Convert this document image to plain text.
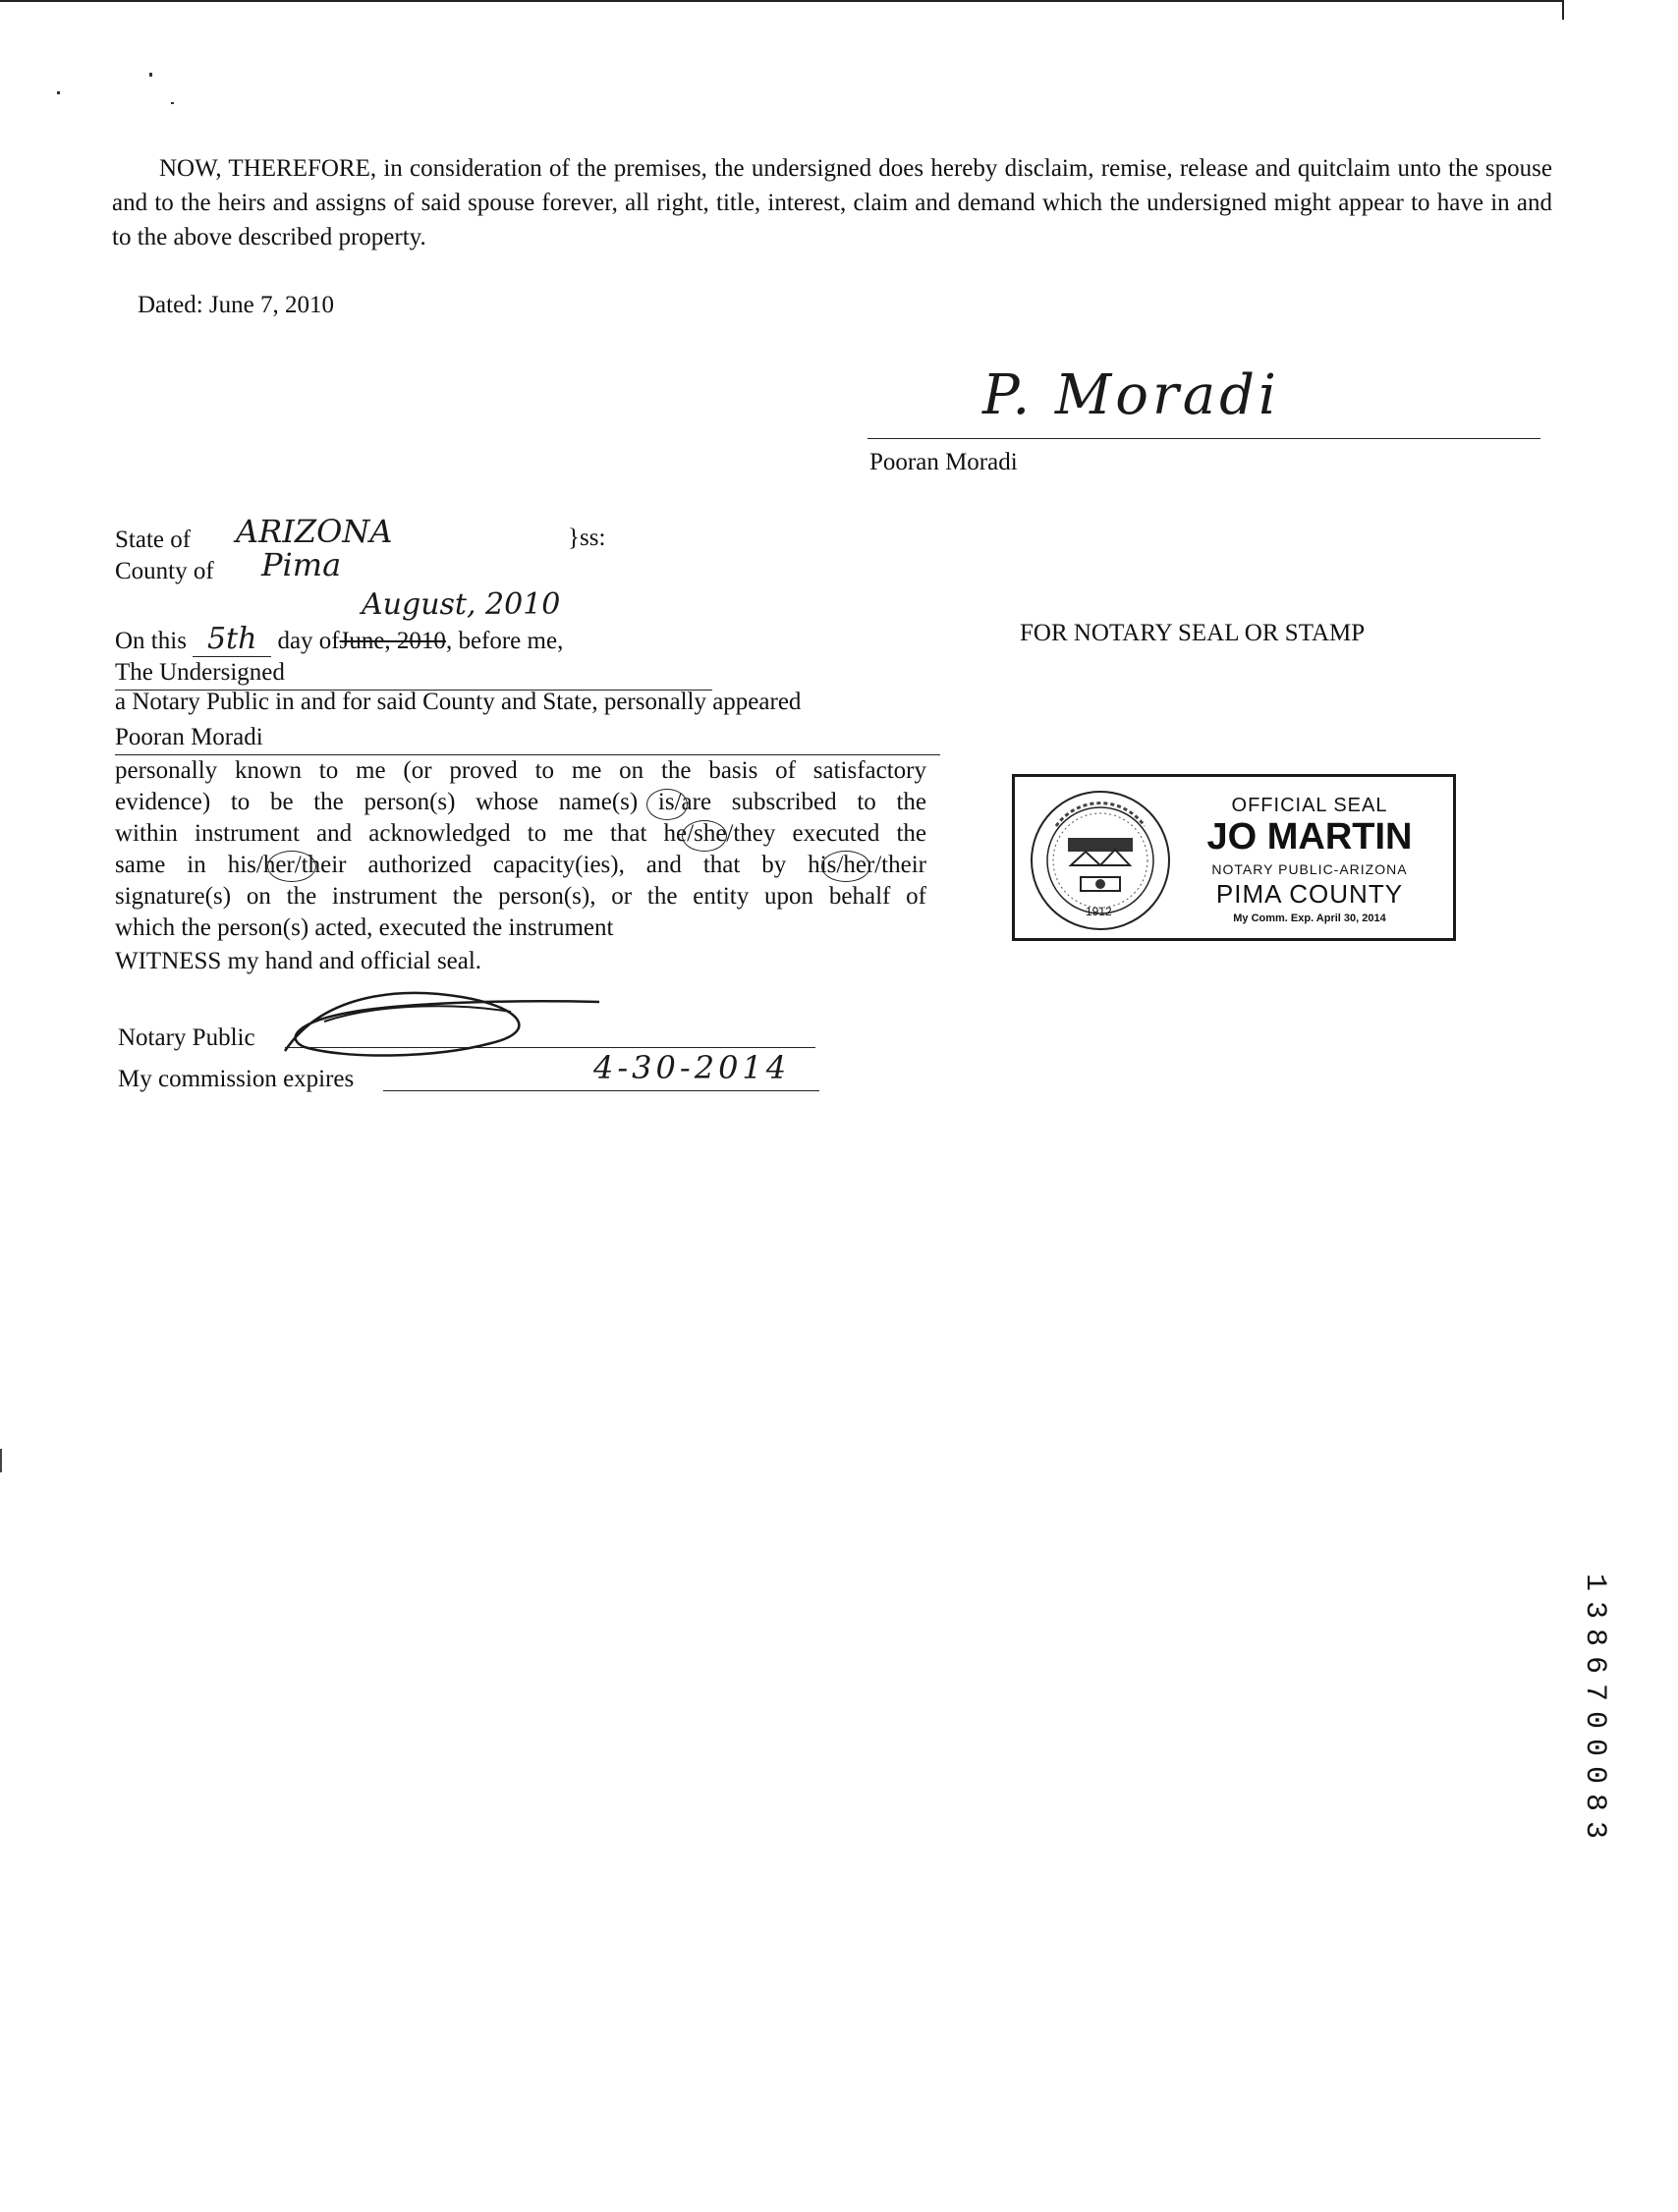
NOW, THEREFORE, in consideration of the premises, the undersigned does hereby disclaim, remise, release and quitclaim unto the spouse and to the heirs and assigns of said spouse forever, all right, title, interest, claim and demand which the undersigned might appear to have in and to the above described property.
Dated: June 7, 2010
P. Moradi
Pooran Moradi
State of ARIZONA	}ss:
County of Pima
August, 2010
On this 5th day ofJune, 2010, before me,
The Undersigned
a Notary Public in and for said County and State, personally appeared
Pooran Moradi
personally known to me (or proved to me on the basis of satisfactory
evidence) to be the person(s) whose name(s) is/are subscribed to the
within instrument and acknowledged to me that he/she/they executed the
same in his/her/their authorized capacity(ies), and that by his/her/their
signature(s) on the instrument the person(s), or the entity upon behalf of
which the person(s) acted, executed the instrument
WITNESS my hand and official seal.
Notary Public
My commission expires	4-30-2014
FOR NOTARY SEAL OR STAMP
1912
OFFICIAL SEAL
JO MARTIN
NOTARY PUBLIC-ARIZONA
PIMA COUNTY
My Comm. Exp. April 30, 2014
1386700083
